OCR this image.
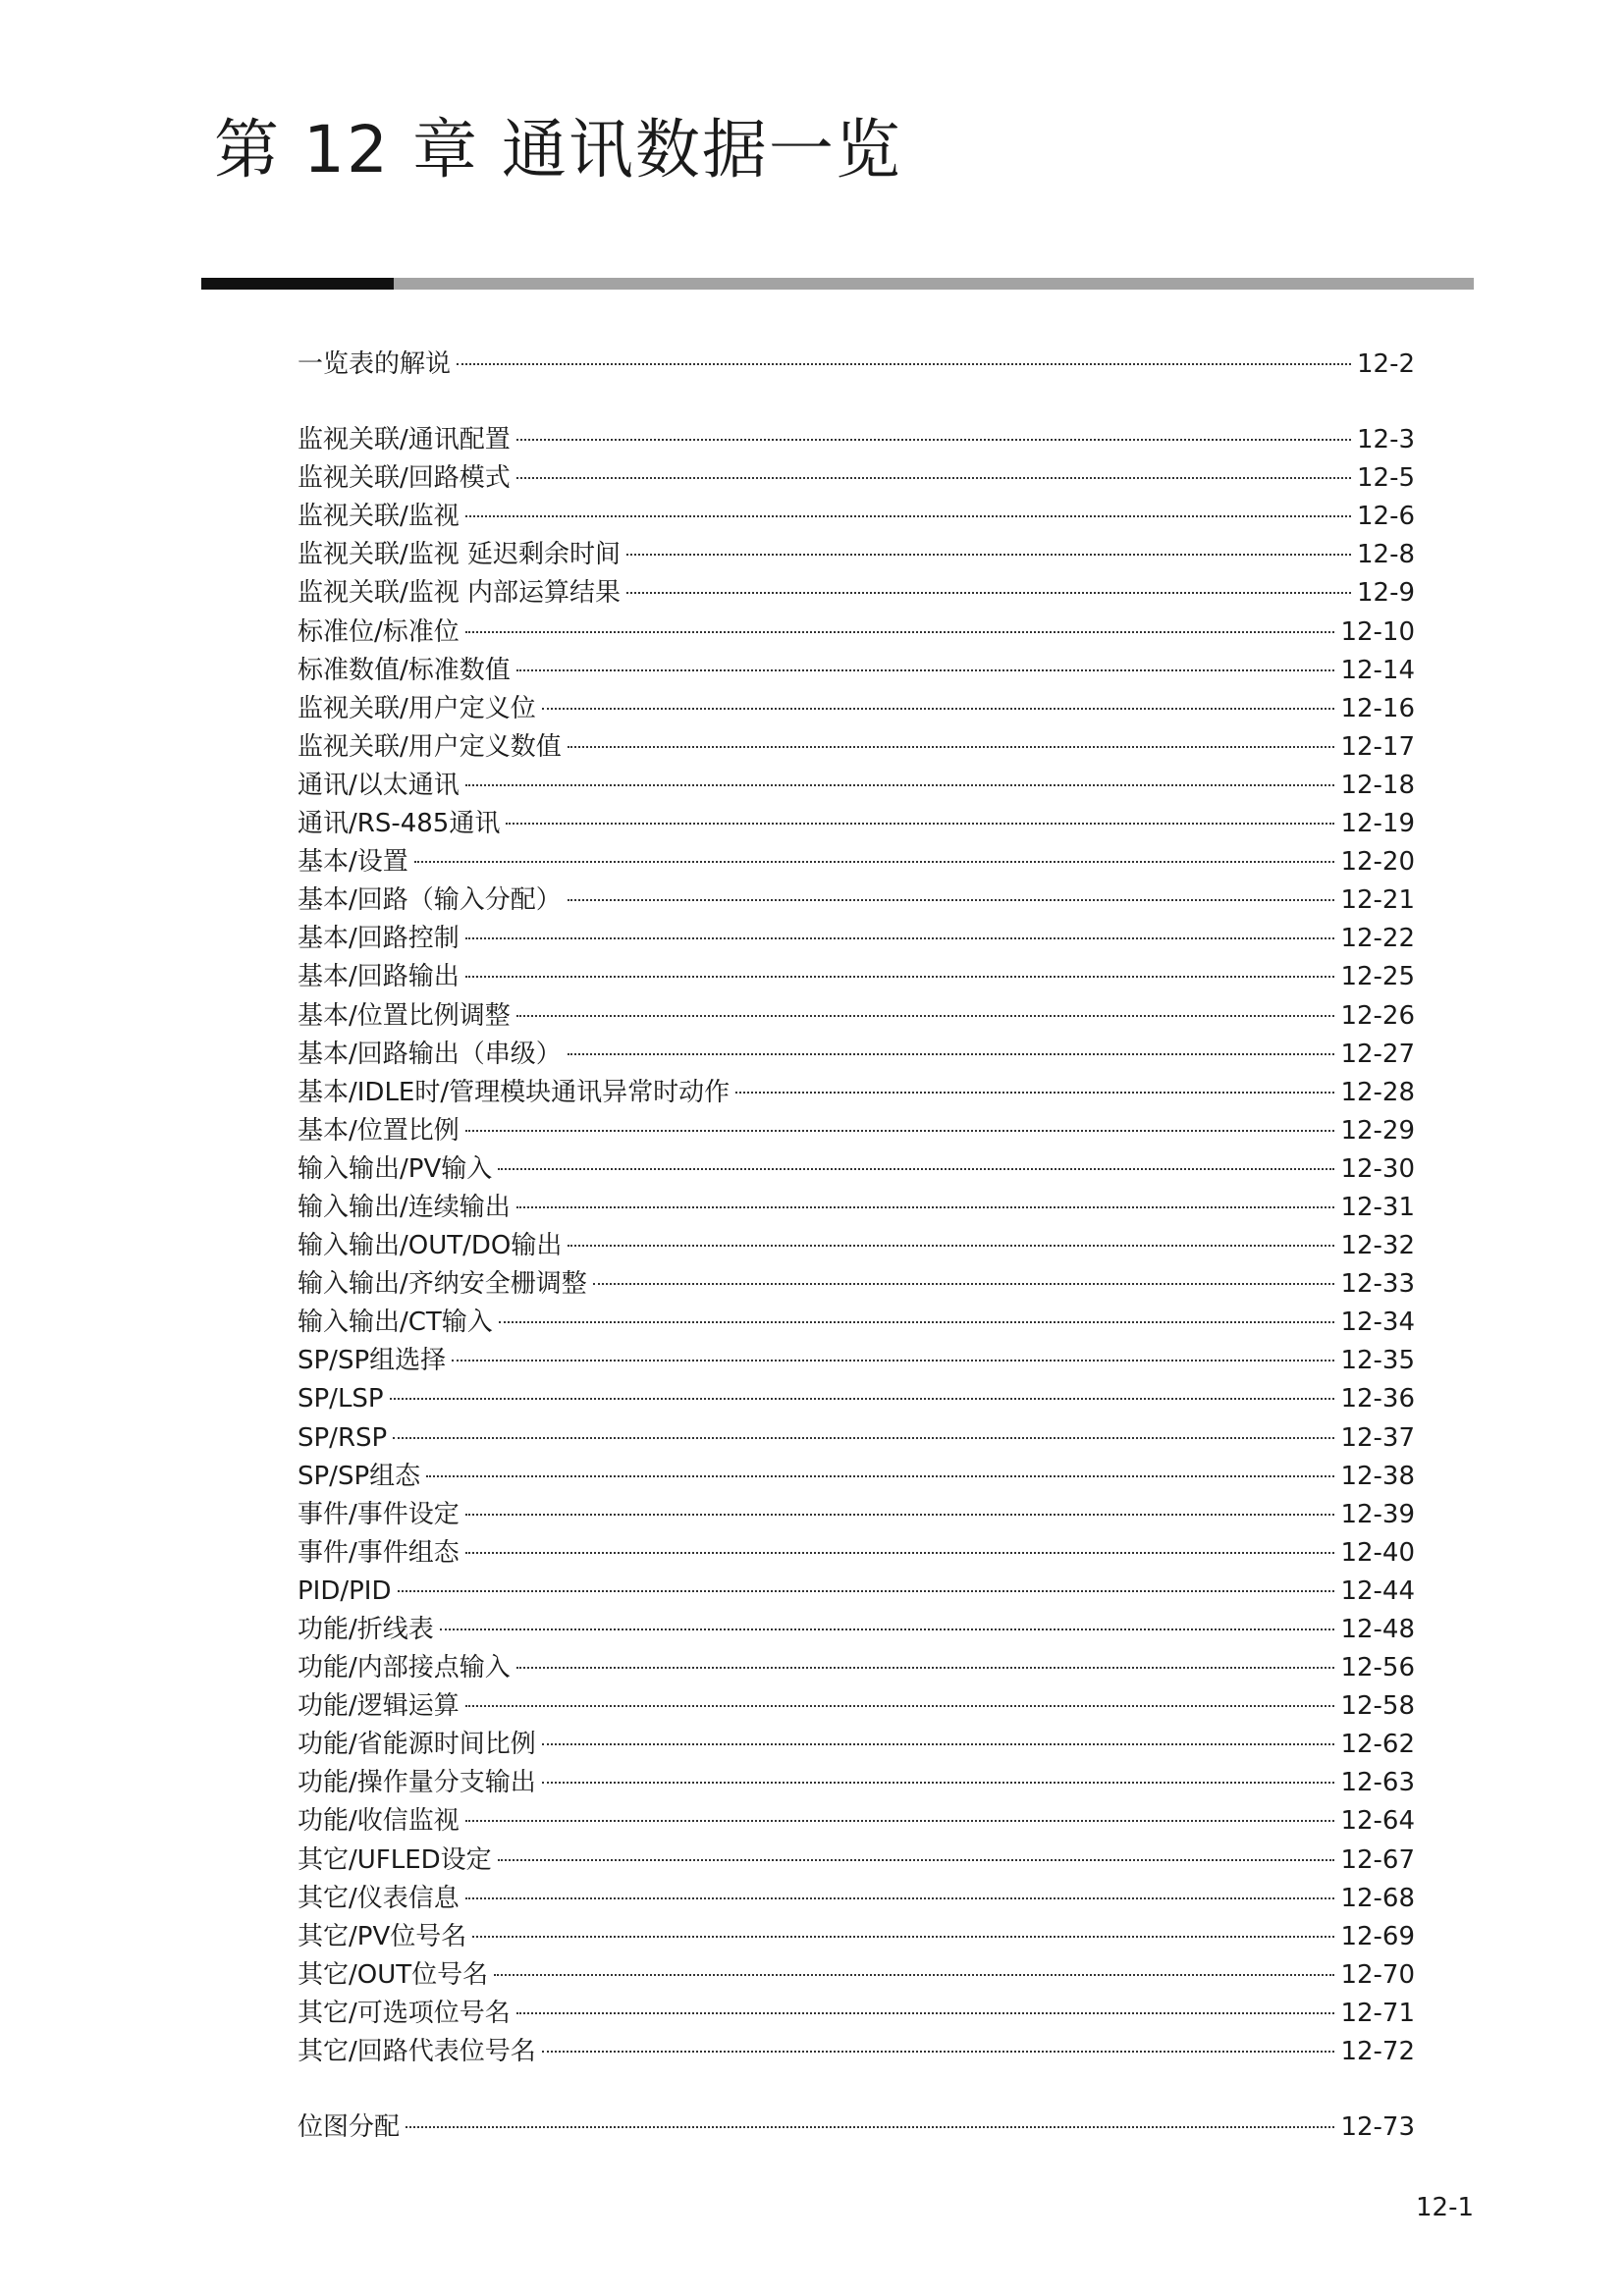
第 12 章 通讯数据一览
一览表的解说	12-2
监视关联/通讯配置	12-3
监视关联/回路模式	12-5
监视关联/监视	12-6
监视关联/监视 延迟剩余时间	12-8
监视关联/监视 内部运算结果	12-9
标准位/标准位	12-10
标准数值/标准数值	12-14
监视关联/用户定义位	12-16
监视关联/用户定义数值	12-17
通讯/以太通讯	12-18
通讯/RS-485通讯	12-19
基本/设置	12-20
基本/回路（输入分配）	12-21
基本/回路控制	12-22
基本/回路输出	12-25
基本/位置比例调整	12-26
基本/回路输出（串级）	12-27
基本/IDLE时/管理模块通讯异常时动作	12-28
基本/位置比例	12-29
输入输出/PV输入	12-30
输入输出/连续输出	12-31
输入输出/OUT/DO输出	12-32
输入输出/齐纳安全栅调整	12-33
输入输出/CT输入	12-34
SP/SP组选择	12-35
SP/LSP	12-36
SP/RSP	12-37
SP/SP组态	12-38
事件/事件设定	12-39
事件/事件组态	12-40
PID/PID	12-44
功能/折线表	12-48
功能/内部接点输入	12-56
功能/逻辑运算	12-58
功能/省能源时间比例	12-62
功能/操作量分支输出	12-63
功能/收信监视	12-64
其它/UFLED设定	12-67
其它/仪表信息	12-68
其它/PV位号名	12-69
其它/OUT位号名	12-70
其它/可选项位号名	12-71
其它/回路代表位号名	12-72
位图分配	12-73
12-1
